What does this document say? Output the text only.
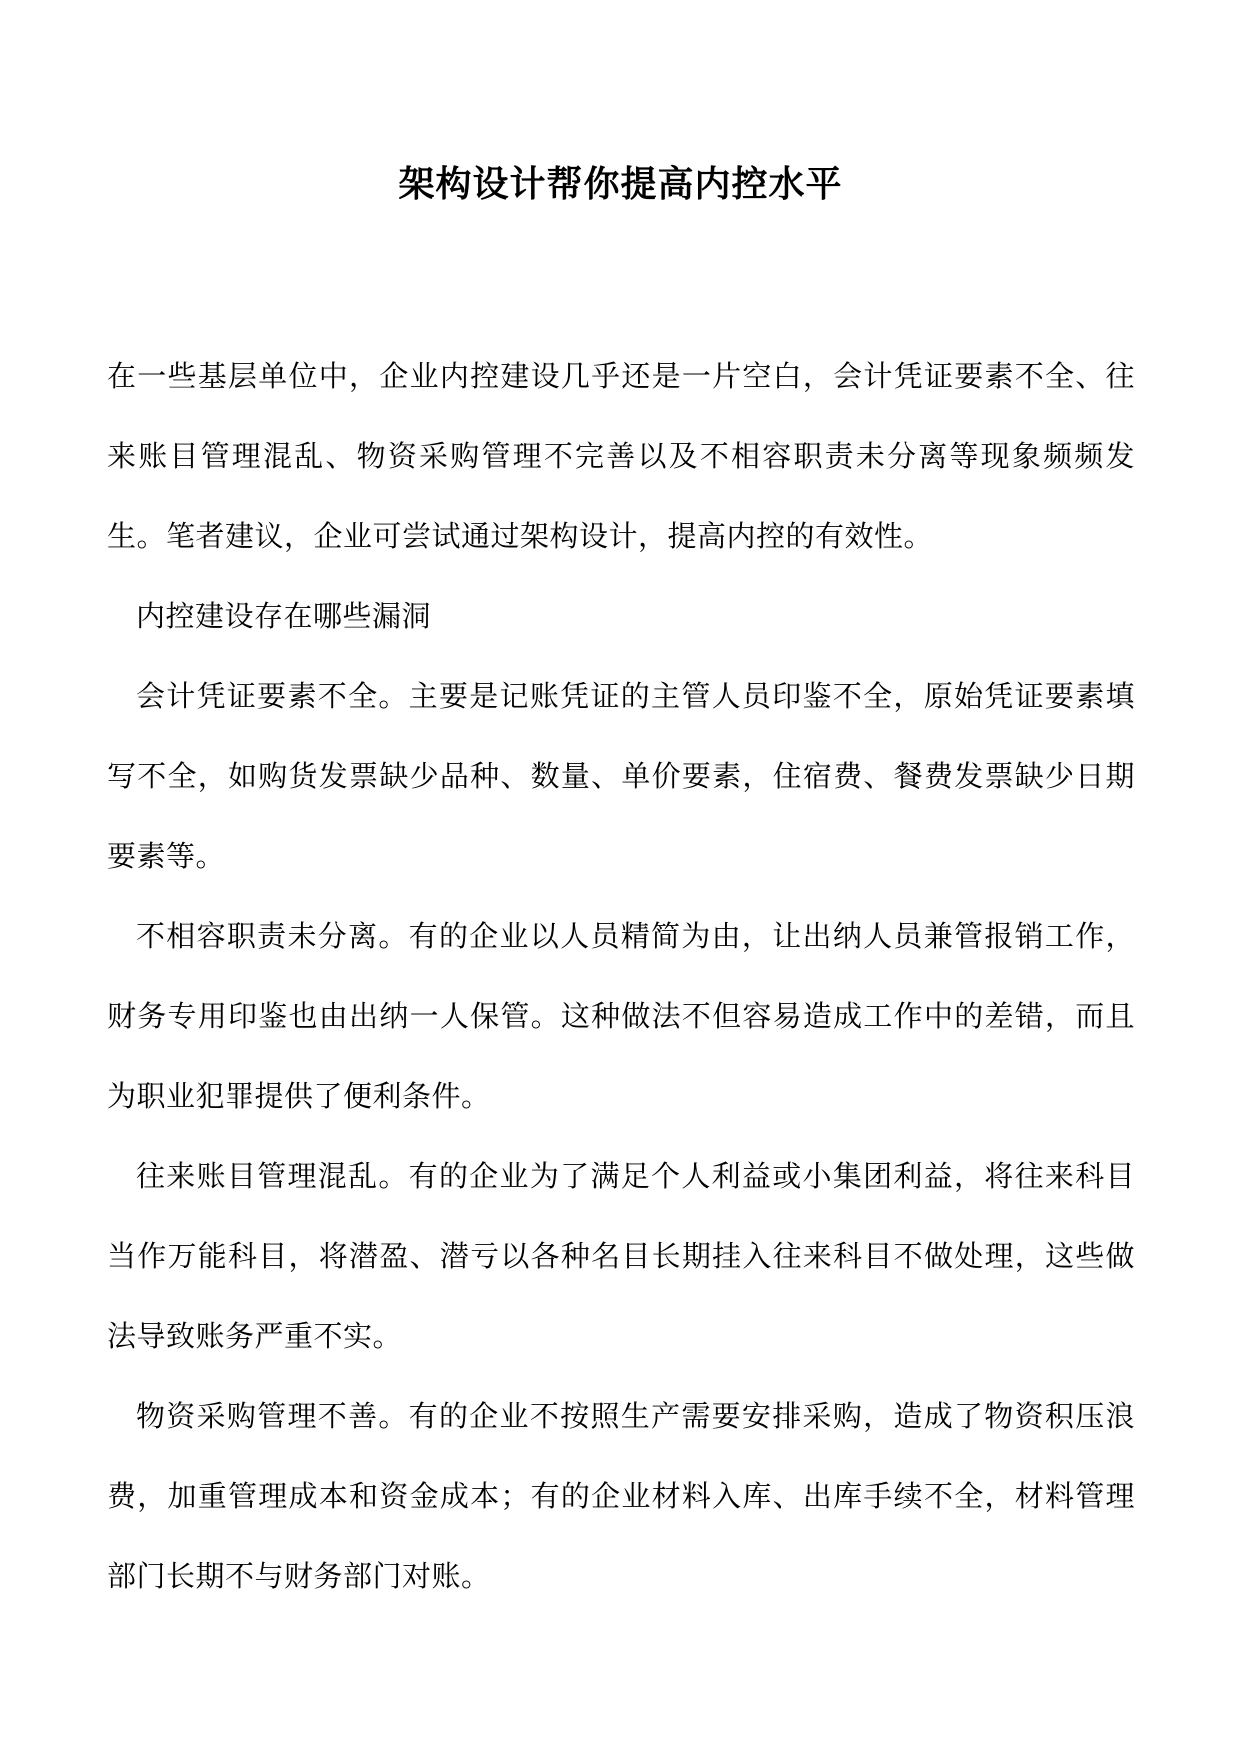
架构设计帮你提高内控水平

在一些基层单位中，企业内控建设几乎还是一片空白，会计凭证要素不全、往来账目管理混乱、物资采购管理不完善以及不相容职责未分离等现象频频发生。笔者建议，企业可尝试通过架构设计，提高内控的有效性。

内控建设存在哪些漏洞

会计凭证要素不全。主要是记账凭证的主管人员印鉴不全，原始凭证要素填写不全，如购货发票缺少品种、数量、单价要素，住宿费、餐费发票缺少日期要素等。

不相容职责未分离。有的企业以人员精简为由，让出纳人员兼管报销工作，财务专用印鉴也由出纳一人保管。这种做法不但容易造成工作中的差错，而且为职业犯罪提供了便利条件。

往来账目管理混乱。有的企业为了满足个人利益或小集团利益，将往来科目当作万能科目，将潜盈、潜亏以各种名目长期挂入往来科目不做处理，这些做法导致账务严重不实。

物资采购管理不善。有的企业不按照生产需要安排采购，造成了物资积压浪费，加重管理成本和资金成本；有的企业材料入库、出库手续不全，材料管理部门长期不与财务部门对账。
